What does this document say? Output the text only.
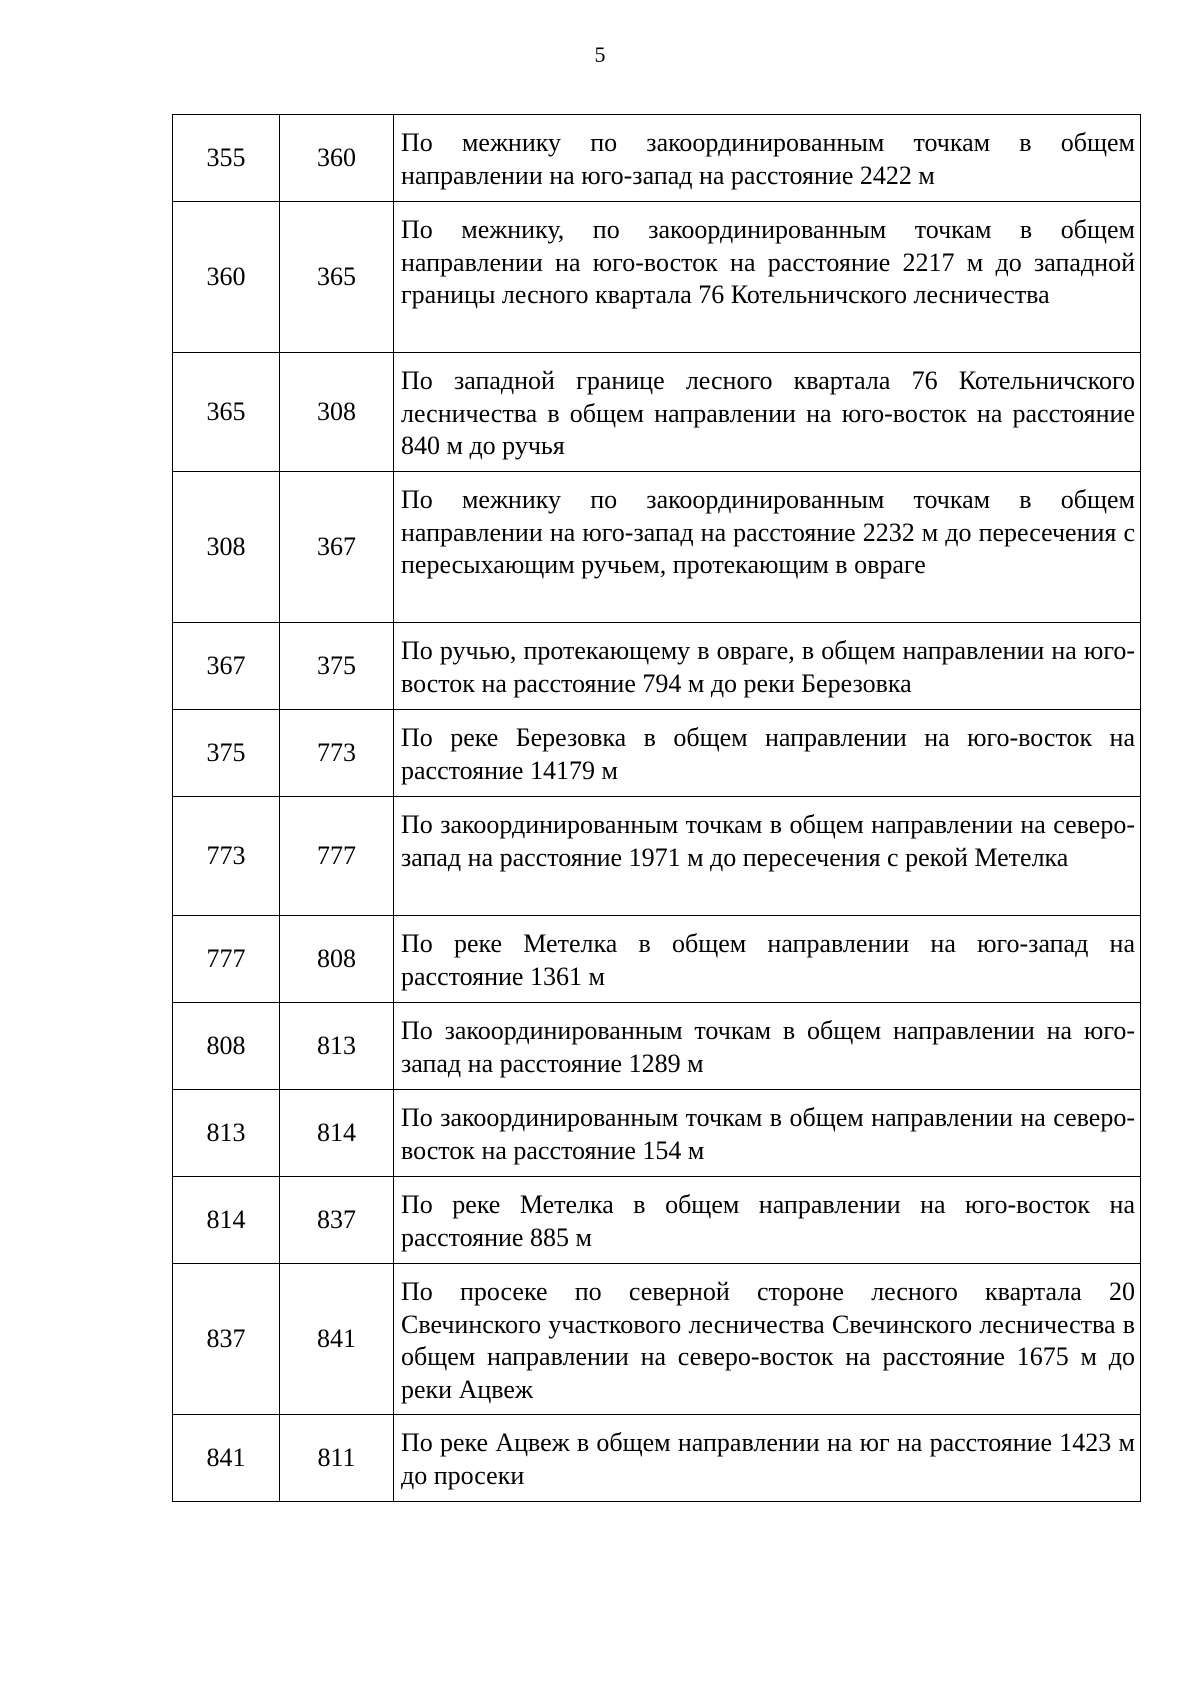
5
355	360	По межнику по закоординированным точкам в общем направлении на юго-запад на расстояние 2422 м
360	365	По межнику, по закоординированным точкам в общем направлении на юго-восток на расстояние 2217 м до западной границы лесного квартала 76 Котельничского лесничества
365	308	По западной границе лесного квартала 76 Котельничского лесничества в общем направлении на юго-восток на расстояние 840 м до ручья
308	367	По межнику по закоординированным точкам в общем направлении на юго-запад на расстояние 2232 м до пересечения с пересыхающим ручьем, протекающим в овраге
367	375	По ручью, протекающему в овраге, в общем направлении на юго-восток на расстояние 794 м до реки Березовка
375	773	По реке Березовка в общем направлении на юго-восток на расстояние 14179 м
773	777	По закоординированным точкам в общем направлении на северо-запад на расстояние 1971 м до пересечения с рекой Метелка
777	808	По реке Метелка в общем направлении на юго-запад на расстояние 1361 м
808	813	По закоординированным точкам в общем направлении на юго-запад на расстояние 1289 м
813	814	По закоординированным точкам в общем направлении на северо-восток на расстояние 154 м
814	837	По реке Метелка в общем направлении на юго-восток на расстояние 885 м
837	841	По просеке по северной стороне лесного квартала 20 Свечинского участкового лесничества Свечинского лесничества в общем направлении на северо-восток на расстояние 1675 м до реки Ацвеж
841	811	По реке Ацвеж в общем направлении на юг на расстояние 1423 м до просеки
